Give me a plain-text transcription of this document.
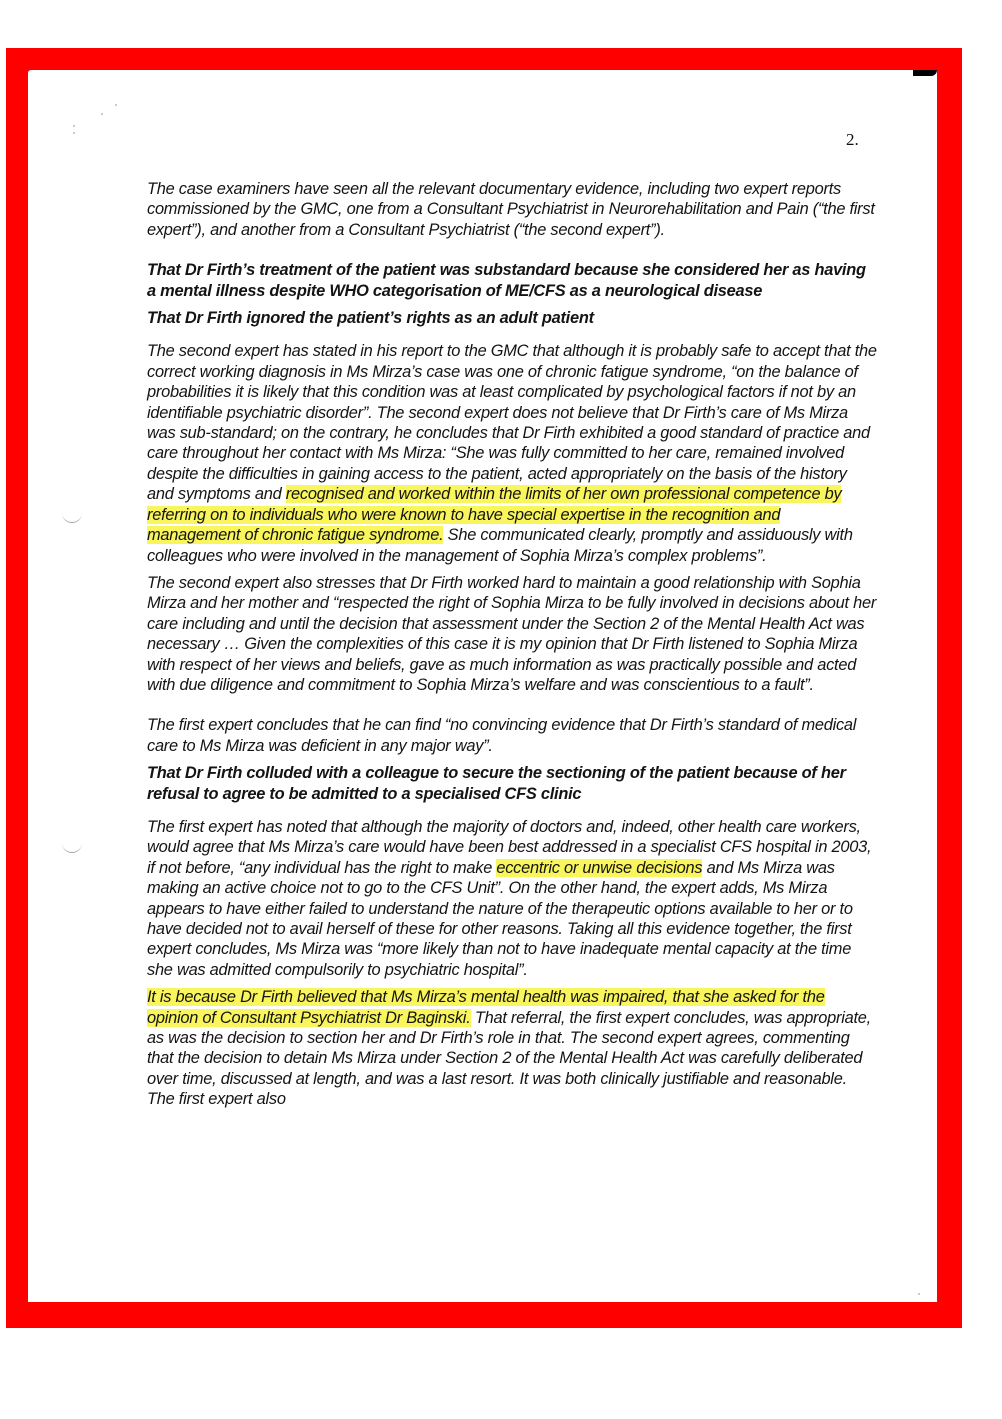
2.

The case examiners have seen all the relevant documentary evidence, including two expert reports commissioned by the GMC, one from a Consultant Psychiatrist in Neurorehabilitation and Pain (“the first expert”), and another from a Consultant Psychiatrist (“the second expert”).

That Dr Firth’s treatment of the patient was substandard because she considered her as having a mental illness despite WHO categorisation of ME/CFS as a neurological disease

That Dr Firth ignored the patient’s rights as an adult patient

The second expert has stated in his report to the GMC that although it is probably safe to accept that the correct working diagnosis in Ms Mirza’s case was one of chronic fatigue syndrome, “on the balance of probabilities it is likely that this condition was at least complicated by psychological factors if not by an identifiable psychiatric disorder”. The second expert does not believe that Dr Firth’s care of Ms Mirza was sub-standard; on the contrary, he concludes that Dr Firth exhibited a good standard of practice and care throughout her contact with Ms Mirza: “She was fully committed to her care, remained involved despite the difficulties in gaining access to the patient, acted appropriately on the basis of the history and symptoms and recognised and worked within the limits of her own professional competence by referring on to individuals who were known to have special expertise in the recognition and management of chronic fatigue syndrome. She communicated clearly, promptly and assiduously with colleagues who were involved in the management of Sophia Mirza’s complex problems”.

The second expert also stresses that Dr Firth worked hard to maintain a good relationship with Sophia Mirza and her mother and “respected the right of Sophia Mirza to be fully involved in decisions about her care including and until the decision that assessment under the Section 2 of the Mental Health Act was necessary … Given the complexities of this case it is my opinion that Dr Firth listened to Sophia Mirza with respect of her views and beliefs, gave as much information as was practically possible and acted with due diligence and commitment to Sophia Mirza’s welfare and was conscientious to a fault”.

The first expert concludes that he can find “no convincing evidence that Dr Firth’s standard of medical care to Ms Mirza was deficient in any major way”.

That Dr Firth colluded with a colleague to secure the sectioning of the patient because of her refusal to agree to be admitted to a specialised CFS clinic

The first expert has noted that although the majority of doctors and, indeed, other health care workers, would agree that Ms Mirza’s care would have been best addressed in a specialist CFS hospital in 2003, if not before, “any individual has the right to make eccentric or unwise decisions and Ms Mirza was making an active choice not to go to the CFS Unit”. On the other hand, the expert adds, Ms Mirza appears to have either failed to understand the nature of the therapeutic options available to her or to have decided not to avail herself of these for other reasons. Taking all this evidence together, the first expert concludes, Ms Mirza was “more likely than not to have inadequate mental capacity at the time she was admitted compulsorily to psychiatric hospital”.

It is because Dr Firth believed that Ms Mirza’s mental health was impaired, that she asked for the opinion of Consultant Psychiatrist Dr Baginski. That referral, the first expert concludes, was appropriate, as was the decision to section her and Dr Firth’s role in that. The second expert agrees, commenting that the decision to detain Ms Mirza under Section 2 of the Mental Health Act was carefully deliberated over time, discussed at length, and was a last resort. It was both clinically justifiable and reasonable. The first expert also
